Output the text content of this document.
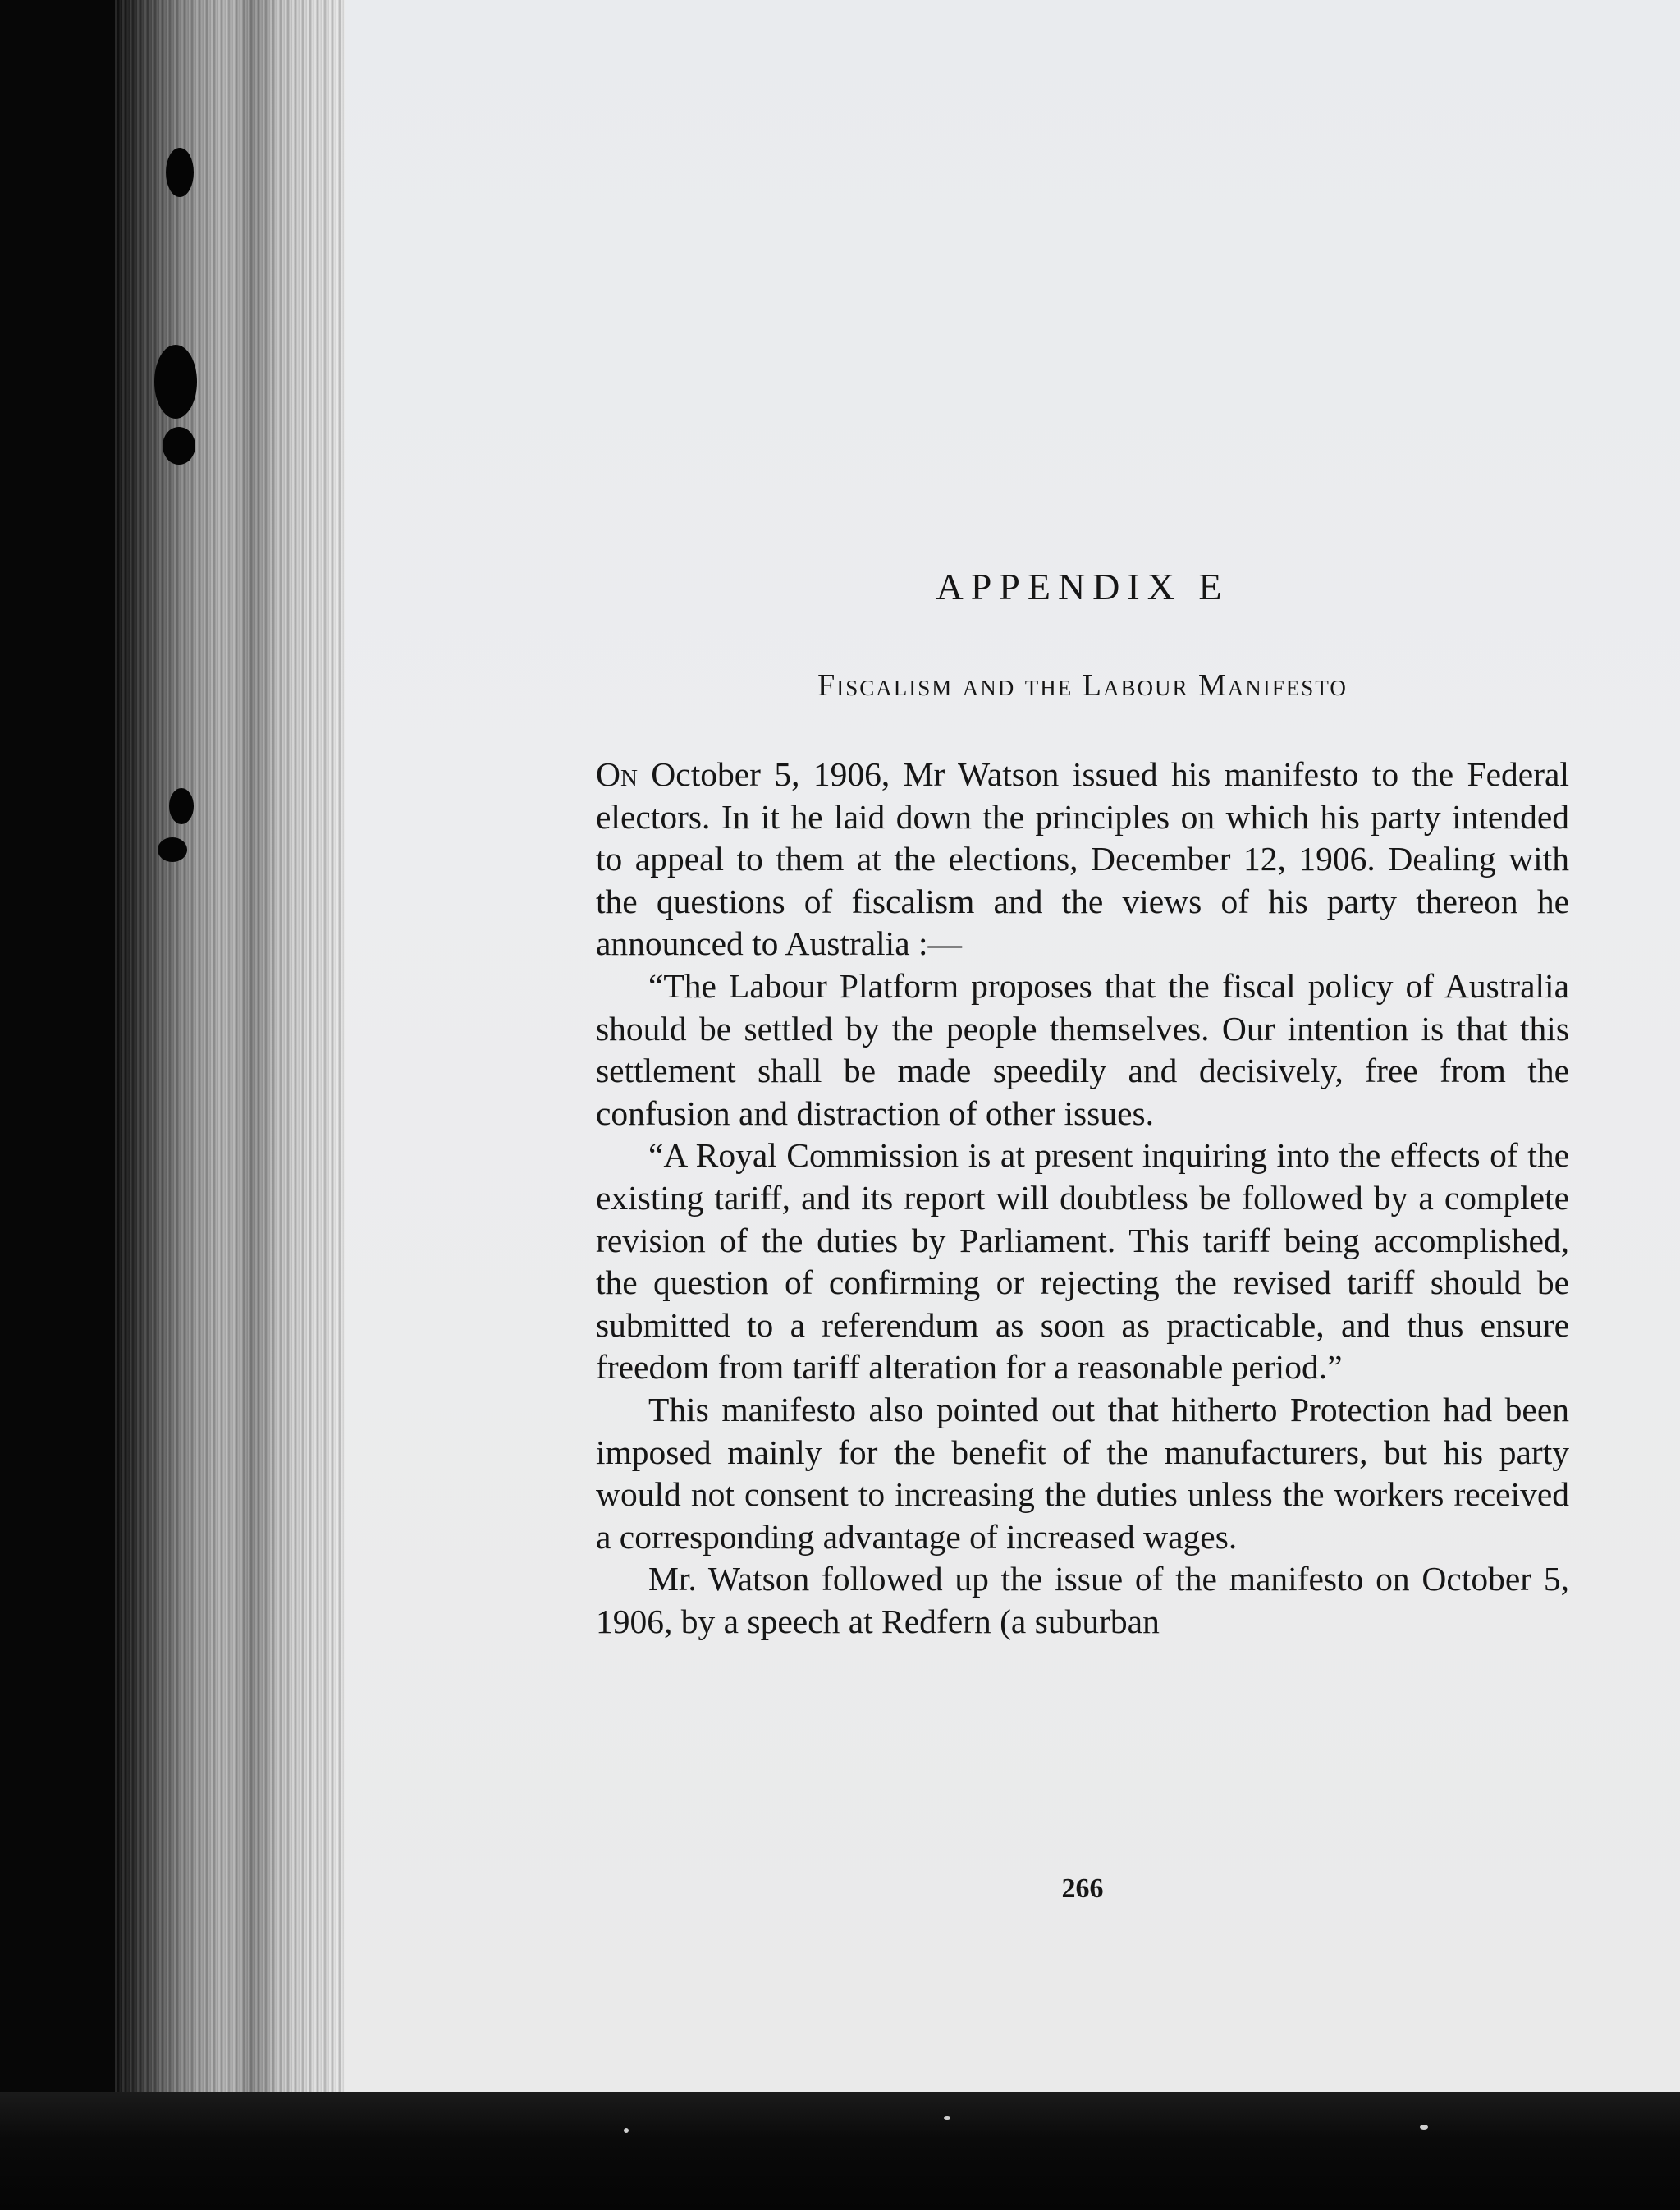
APPENDIX E
Fiscalism and the Labour Manifesto

On October 5, 1906, Mr Watson issued his manifesto to the Federal electors. In it he laid down the principles on which his party intended to appeal to them at the elections, December 12, 1906. Dealing with the questions of fiscalism and the views of his party thereon he announced to Australia :—

“The Labour Platform proposes that the fiscal policy of Australia should be settled by the people themselves. Our intention is that this settlement shall be made speedily and decisively, free from the confusion and distraction of other issues.

“A Royal Commission is at present inquiring into the effects of the existing tariff, and its report will doubtless be followed by a complete revision of the duties by Parliament. This tariff being accomplished, the question of confirming or rejecting the revised tariff should be submitted to a referendum as soon as practicable, and thus ensure freedom from tariff alteration for a reasonable period.”

This manifesto also pointed out that hitherto Protection had been imposed mainly for the benefit of the manufacturers, but his party would not consent to increasing the duties unless the workers received a corresponding advantage of increased wages.

Mr. Watson followed up the issue of the manifesto on October 5, 1906, by a speech at Redfern (a suburban

266
